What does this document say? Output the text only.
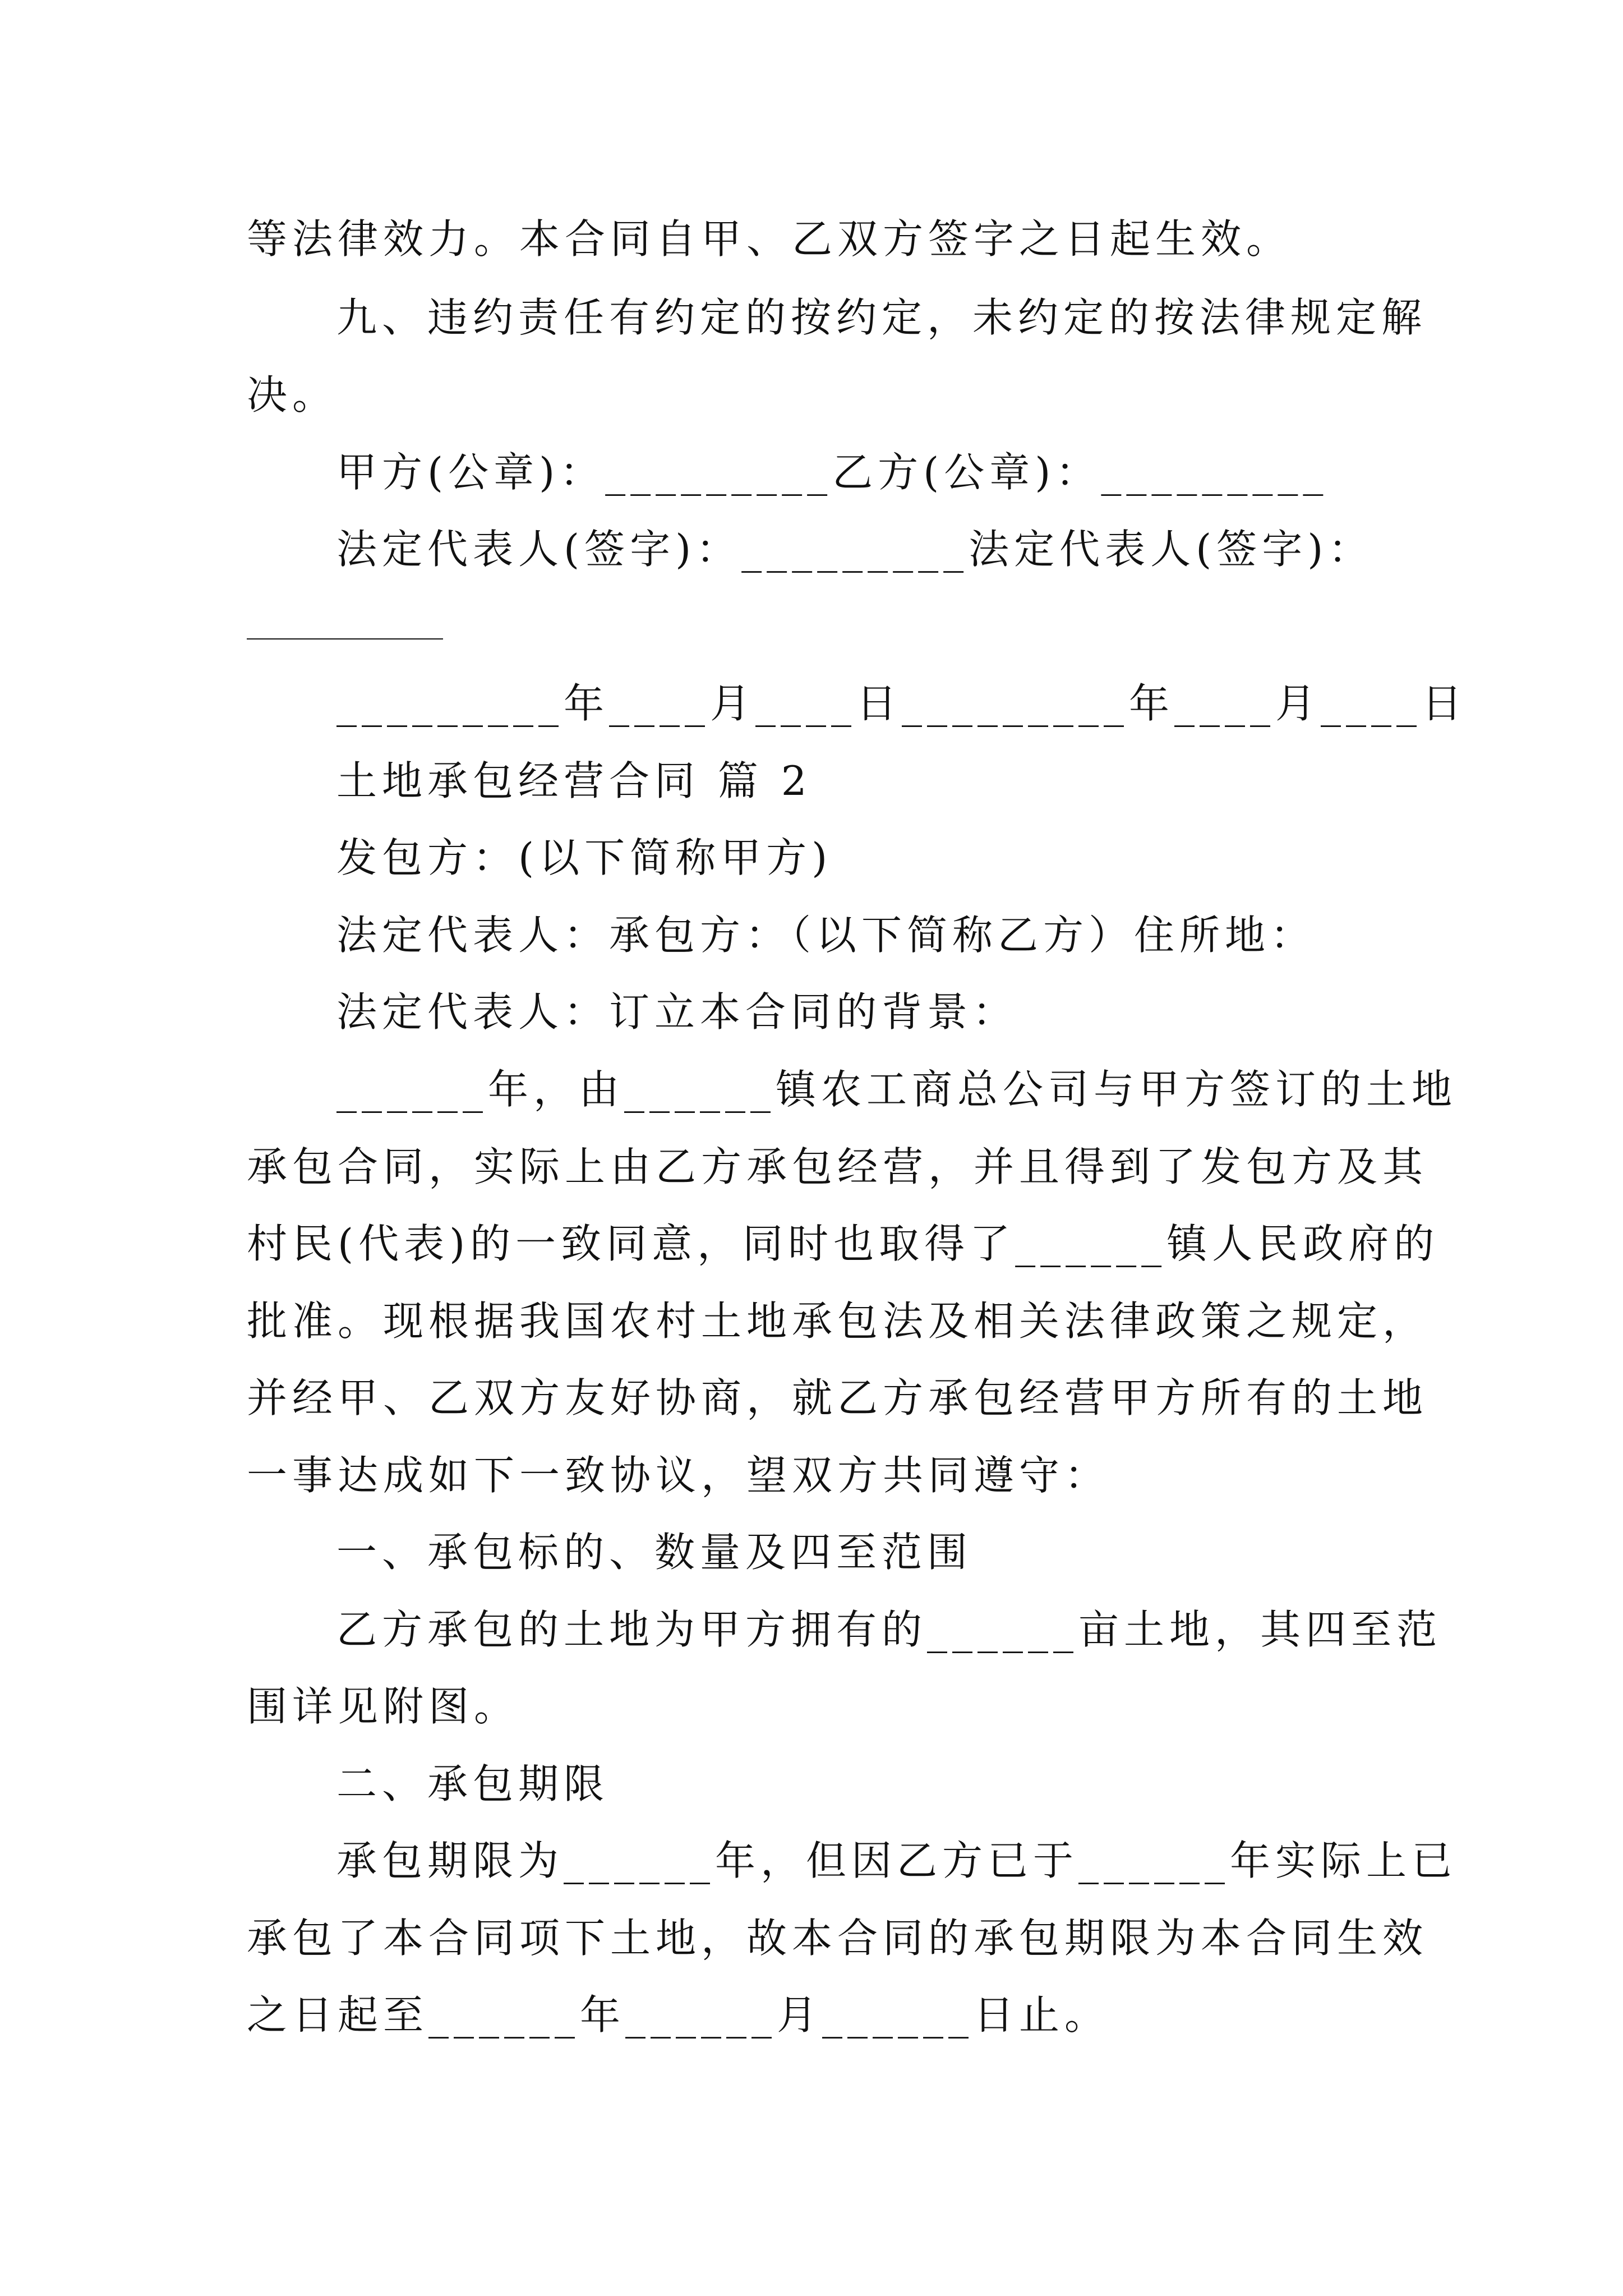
等法律效力。本合同自甲、乙双方签字之日起生效。
九、违约责任有约定的按约定，未约定的按法律规定解
决。
甲方(公章)：_________乙方(公章)：_________
法定代表人(签字)：_________法定代表人(签字)：
_________年____月____日_________年____月____日
土地承包经营合同 篇 2
发包方：(以下简称甲方)
法定代表人：承包方：（以下简称乙方）住所地：
法定代表人：订立本合同的背景：
______年，由______镇农工商总公司与甲方签订的土地
承包合同，实际上由乙方承包经营，并且得到了发包方及其
村民(代表)的一致同意，同时也取得了______镇人民政府的
批准。现根据我国农村土地承包法及相关法律政策之规定，
并经甲、乙双方友好协商，就乙方承包经营甲方所有的土地
一事达成如下一致协议，望双方共同遵守：
一、承包标的、数量及四至范围
乙方承包的土地为甲方拥有的______亩土地，其四至范
围详见附图。
二、承包期限
承包期限为______年，但因乙方已于______年实际上已
承包了本合同项下土地，故本合同的承包期限为本合同生效
之日起至______年______月______日止。
